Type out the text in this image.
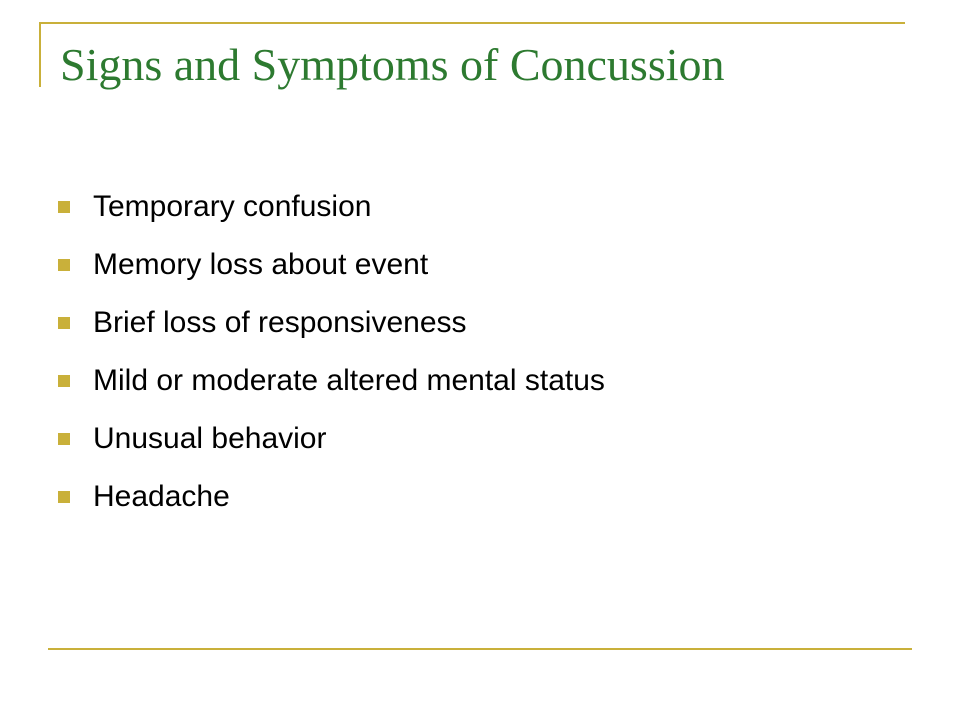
Signs and Symptoms of Concussion
Temporary confusion
Memory loss about event
Brief loss of responsiveness
Mild or moderate altered mental status
Unusual behavior
Headache
